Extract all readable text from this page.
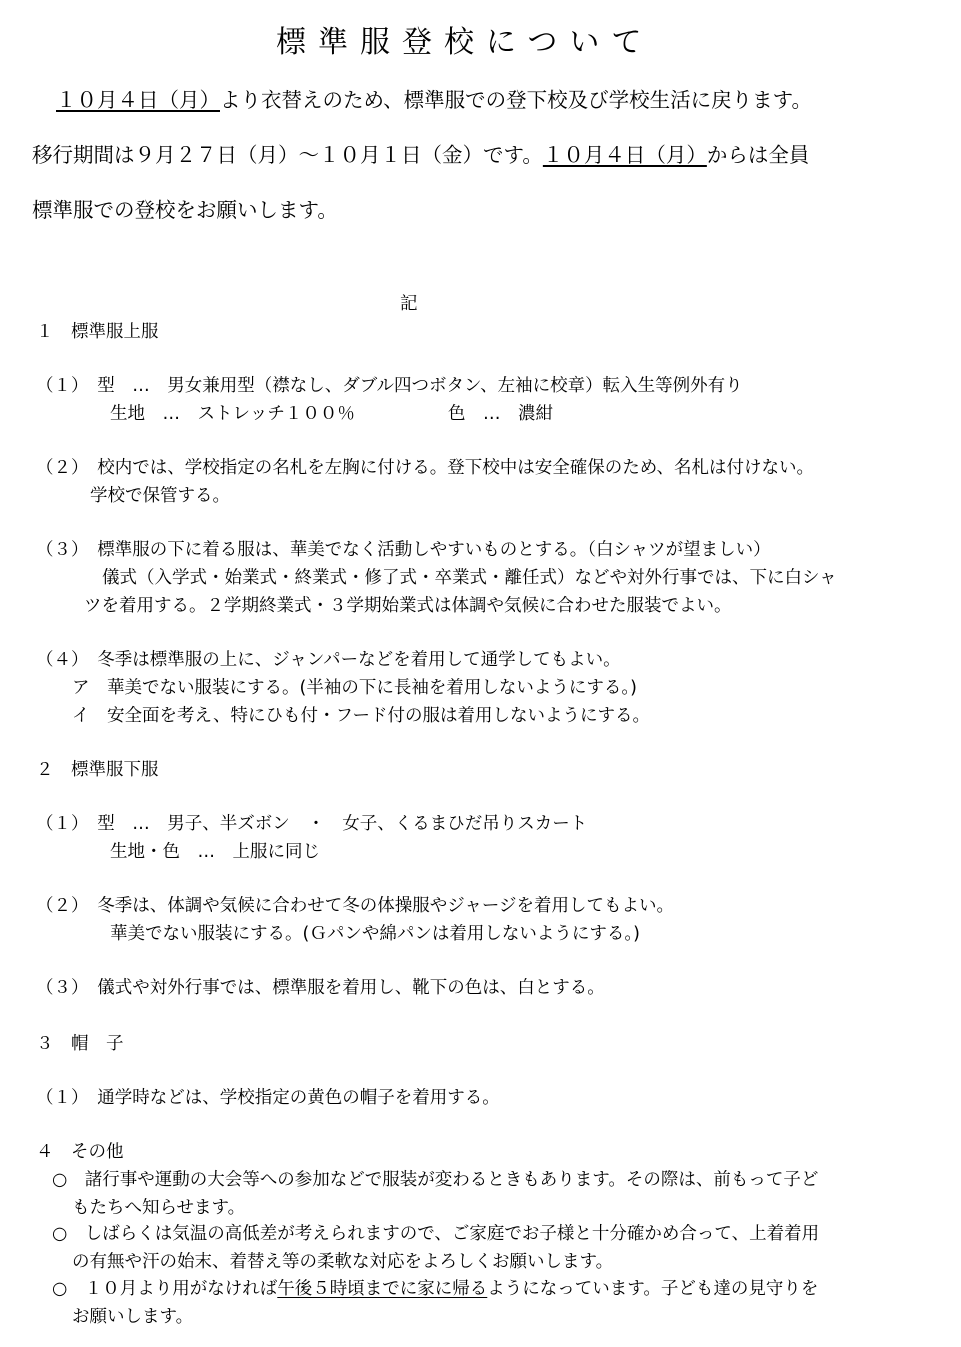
標準服登校について
１０月４日（月）より衣替えのため、標準服での登下校及び学校生活に戻ります。
移行期間は９月２７日（月）～１０月１日（金）です。１０月４日（月）からは全員
標準服での登校をお願いします。
記
１　標準服上服
（１）　型　…　男女兼用型（襟なし、ダブル四つボタン、左袖に校章）転入生等例外有り
生地　…　ストレッチ１００％	色　…　濃紺
（２）　校内では、学校指定の名札を左胸に付ける。登下校中は安全確保のため、名札は付けない。
学校で保管する。
（３）　標準服の下に着る服は、華美でなく活動しやすいものとする。（白シャツが望ましい）
儀式（入学式・始業式・終業式・修了式・卒業式・離任式）などや対外行事では、下に白シャ
ツを着用する。２学期終業式・３学期始業式は体調や気候に合わせた服装でよい。
（４）　冬季は標準服の上に、ジャンパーなどを着用して通学してもよい。
ア　華美でない服装にする。(半袖の下に長袖を着用しないようにする。)
イ　安全面を考え、特にひも付・フード付の服は着用しないようにする。
２　標準服下服
（１）　型　…　男子、半ズボン　・　女子、くるまひだ吊りスカート
生地・色　…　上服に同じ
（２）　冬季は、体調や気候に合わせて冬の体操服やジャージを着用してもよい。
華美でない服装にする。(Ｇパンや綿パンは着用しないようにする。)
（３）　儀式や対外行事では、標準服を着用し、靴下の色は、白とする。
３　帽　子
（１）　通学時などは、学校指定の黄色の帽子を着用する。
４　その他
○　諸行事や運動の大会等への参加などで服装が変わるときもあります。その際は、前もって子ど
もたちへ知らせます。
○　しばらくは気温の高低差が考えられますので、ご家庭でお子様と十分確かめ合って、上着着用
の有無や汗の始末、着替え等の柔軟な対応をよろしくお願いします。
○　１０月より用がなければ午後５時頃までに家に帰るようになっています。子ども達の見守りを
お願いします。
